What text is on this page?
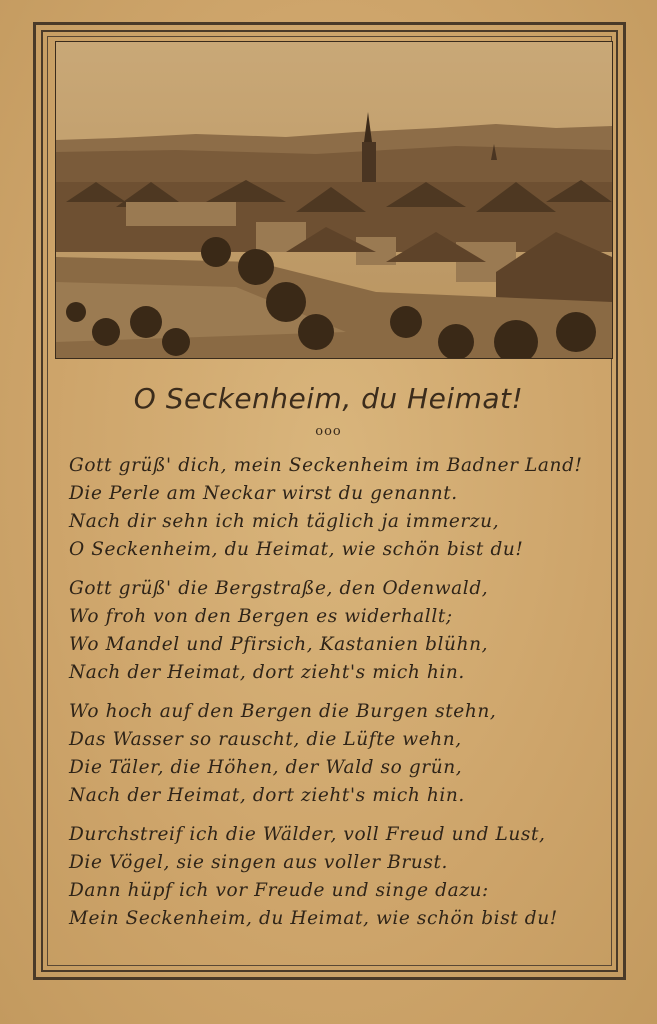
O Seckenheim, du Heimat!
ooo
Gott grüß' dich, mein Seckenheim im Badner Land!
Die Perle am Neckar wirst du genannt.
Nach dir sehn ich mich täglich ja immerzu,
O Seckenheim, du Heimat, wie schön bist du!
Gott grüß' die Bergstraße, den Odenwald,
Wo froh von den Bergen es widerhallt;
Wo Mandel und Pfirsich, Kastanien blühn,
Nach der Heimat, dort zieht's mich hin.
Wo hoch auf den Bergen die Burgen stehn,
Das Wasser so rauscht, die Lüfte wehn,
Die Täler, die Höhen, der Wald so grün,
Nach der Heimat, dort zieht's mich hin.
Durchstreif ich die Wälder, voll Freud und Lust,
Die Vögel, sie singen aus voller Brust.
Dann hüpf ich vor Freude und singe dazu:
Mein Seckenheim, du Heimat, wie schön bist du!
